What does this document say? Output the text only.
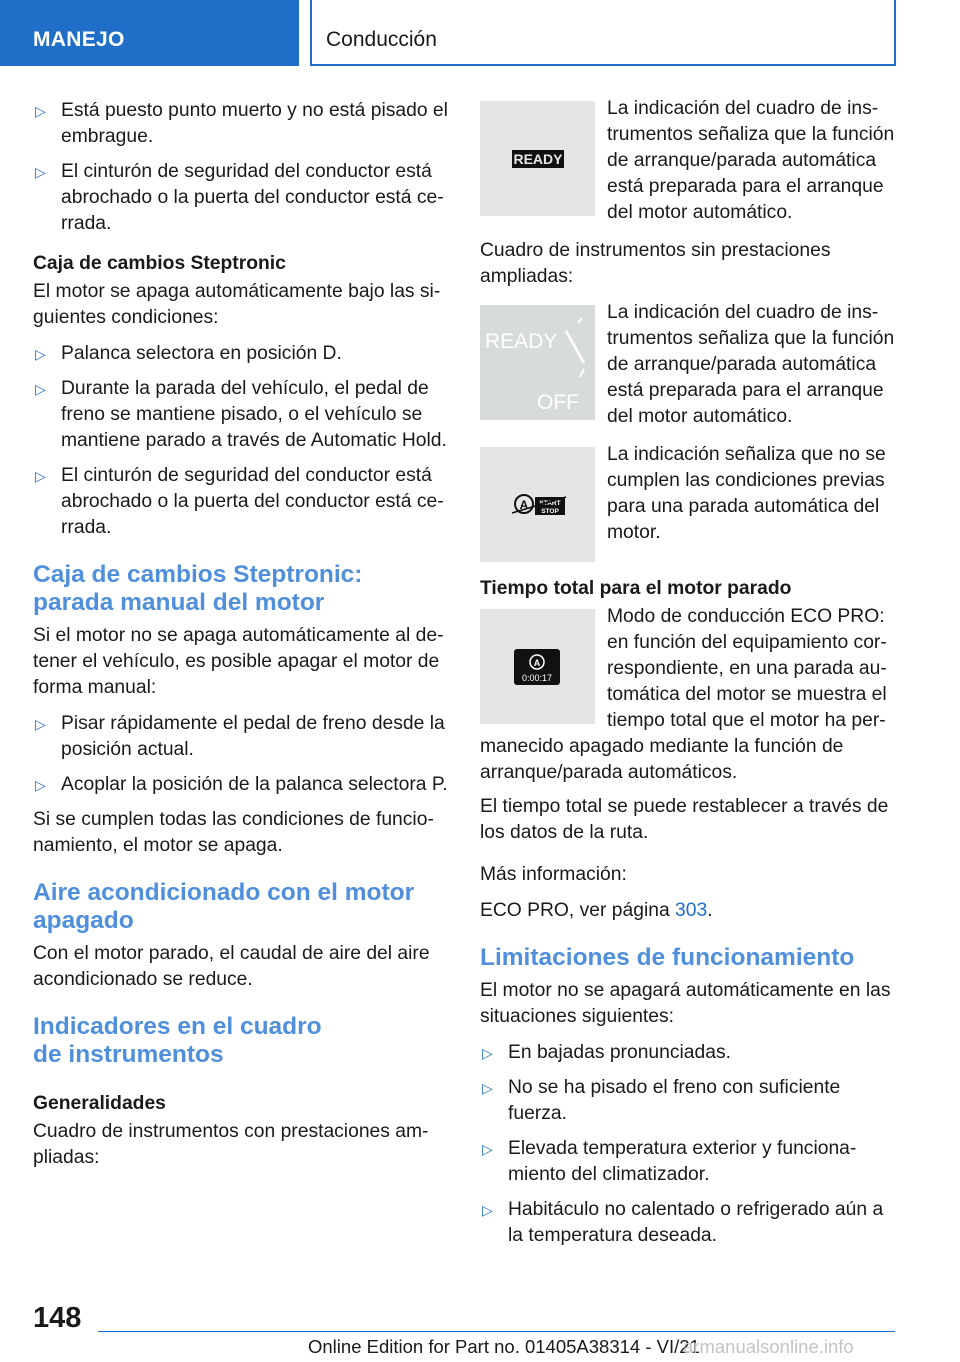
MANEJO	Conducción
▷ Está puesto punto muerto y no está pisado el embrague.
▷ El cinturón de seguridad del conductor está abrochado o la puerta del conductor está cerrada.
Caja de cambios Steptronic

El motor se apaga automáticamente bajo las siguientes condiciones:

▷ Palanca selectora en posición D.
▷ Durante la parada del vehículo, el pedal de freno se mantiene pisado, o el vehículo se mantiene parado a través de Automatic Hold.
▷ El cinturón de seguridad del conductor está abrochado o la puerta del conductor está cerrada.
Caja de cambios Steptronic: parada manual del motor

Si el motor no se apaga automáticamente al detener el vehículo, es posible apagar el motor de forma manual:

▷ Pisar rápidamente el pedal de freno desde la posición actual.
▷ Acoplar la posición de la palanca selectora P.

Si se cumplen todas las condiciones de funcionamiento, el motor se apaga.

Aire acondicionado con el motor apagado

Con el motor parado, el caudal de aire del aire acondicionado se reduce.

Indicadores en el cuadro
de instrumentos
Generalidades

Cuadro de instrumentos con prestaciones ampliadas:

READY
La indicación del cuadro de instrumentos señaliza que la función de arranque/parada automática está preparada para el arranque del motor automático.

Cuadro de instrumentos sin prestaciones ampliadas:

READY
OFF
La indicación del cuadro de instrumentos señaliza que la función de arranque/parada automática está preparada para el arranque del motor automático.
A START
STOP
La indicación señaliza que no se cumplen las condiciones previas para una parada automática del motor.
Tiempo total para el motor parado
A
0:00:17
Modo de conducción ECO PRO: en función del equipamiento correspondiente, en una parada automática del motor se muestra el tiempo total que el motor ha permanecido apagado mediante la función de arranque/parada automáticos.

El tiempo total se puede restablecer a través de los datos de la ruta.

Más información:

ECO PRO, ver página 303.

Limitaciones de funcionamiento

El motor no se apagará automáticamente en las situaciones siguientes:

▷ En bajadas pronunciadas.
▷ No se ha pisado el freno con suficiente fuerza.
▷ Elevada temperatura exterior y funcionamiento del climatizador.
▷ Habitáculo no calentado o refrigerado aún a la temperatura deseada.
148
Online Edition for Part no. 01405A38314 - VI/21
armanualsonline.info
